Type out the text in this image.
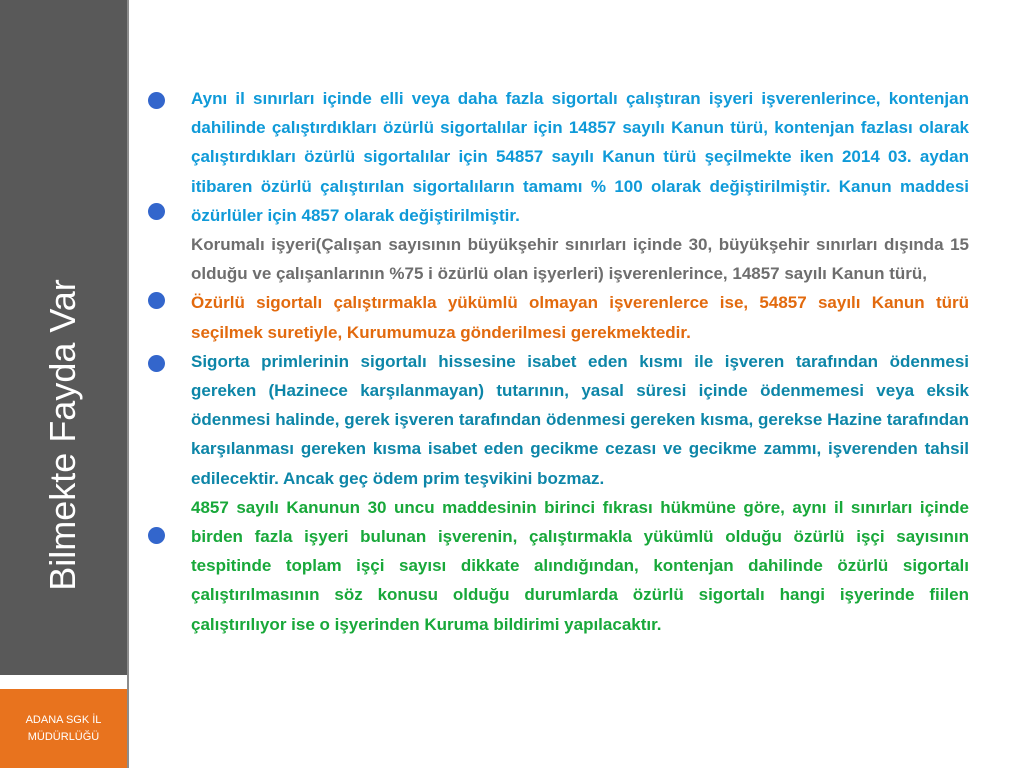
Bilmekte Fayda Var
ADANA SGK İL
MÜDÜRLÜĞÜ

Aynı il sınırları içinde elli veya daha fazla sigortalı çalıştıran işyeri işverenlerince, kontenjan dahilinde çalıştırdıkları özürlü sigortalılar için 14857 sayılı Kanun türü, kontenjan fazlası olarak çalıştırdıkları özürlü sigortalılar için 54857 sayılı Kanun türü şeçilmekte iken 2014 03. aydan itibaren özürlü çalıştırılan sigortalıların tamamı % 100 olarak değiştirilmiştir. Kanun maddesi özürlüler için 4857 olarak değiştirilmiştir.

Korumalı işyeri(Çalışan sayısının büyükşehir sınırları içinde 30, büyükşehir sınırları dışında 15 olduğu ve çalışanlarının %75 i özürlü olan işyerleri) işverenlerince, 14857 sayılı Kanun türü,

Özürlü sigortalı çalıştırmakla yükümlü olmayan işverenlerce ise, 54857 sayılı Kanun türü seçilmek suretiyle, Kurumumuza gönderilmesi gerekmektedir.

Sigorta primlerinin sigortalı hissesine isabet eden kısmı ile işveren tarafından ödenmesi gereken (Hazinece karşılanmayan) tutarının, yasal süresi içinde ödenmemesi veya eksik ödenmesi halinde, gerek işveren tarafından ödenmesi gereken kısma, gerekse Hazine tarafından karşılanması gereken kısma isabet eden gecikme cezası ve gecikme zammı, işverenden tahsil edilecektir. Ancak geç ödem prim teşvikini bozmaz.

4857 sayılı Kanunun 30 uncu maddesinin birinci fıkrası hükmüne göre, aynı il sınırları içinde birden fazla işyeri bulunan işverenin, çalıştırmakla yükümlü olduğu özürlü işçi sayısının tespitinde toplam işçi sayısı dikkate alındığından, kontenjan dahilinde özürlü sigortalı çalıştırılmasının söz konusu olduğu durumlarda özürlü sigortalı hangi işyerinde fiilen çalıştırılıyor ise o işyerinden Kuruma bildirimi yapılacaktır.
